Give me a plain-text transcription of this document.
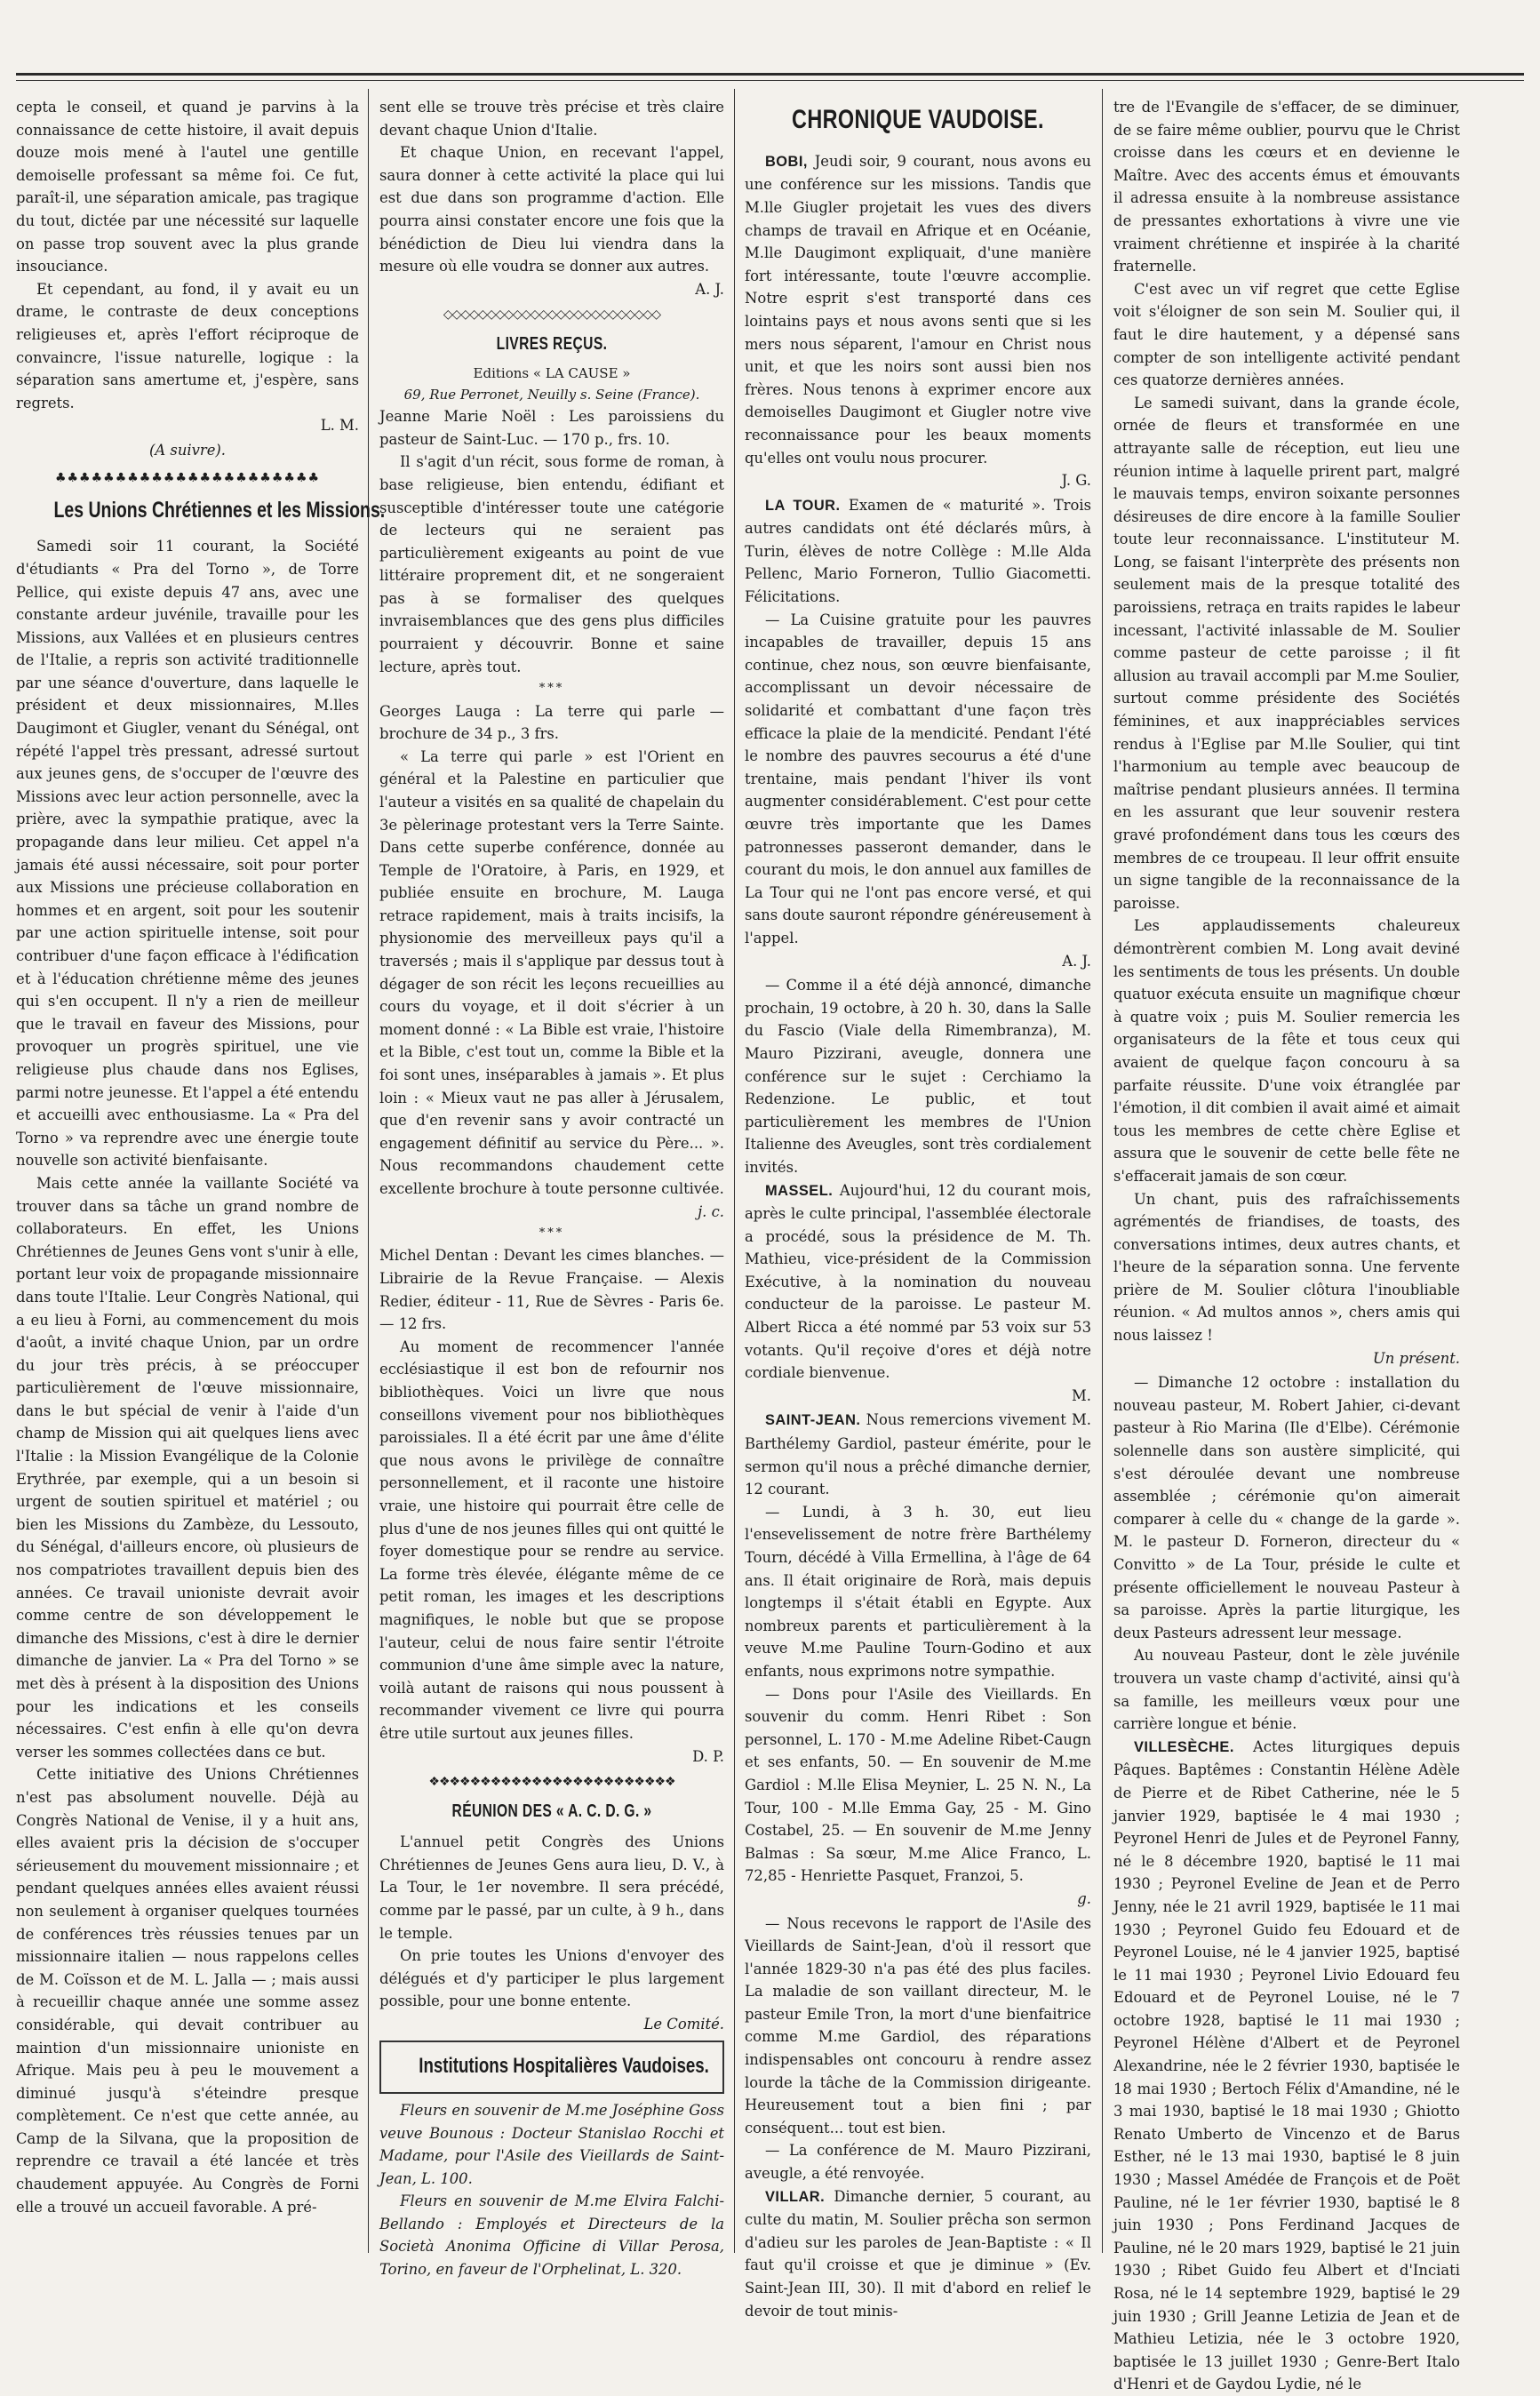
cepta le conseil, et quand je parvins à la connaissance de cette histoire, il avait depuis douze mois mené à l'autel une gentille demoiselle professant sa même foi. Ce fut, paraît-il, une séparation amicale, pas tragique du tout, dictée par une nécessité sur laquelle on passe trop souvent avec la plus grande insouciance.

Et cependant, au fond, il y avait eu un drame, le contraste de deux conceptions religieuses et, après l'effort réciproque de convaincre, l'issue naturelle, logique : la séparation sans amertume et, j'espère, sans regrets.

L. M.

(A suivre).

♣♣♣♣♣♣♣♣♣♣♣♣♣♣♣♣♣♣♣♣♣♣
Les Unions Chrétiennes et les Missions.

Samedi soir 11 courant, la Société d'étudiants « Pra del Torno », de Torre Pellice, qui existe depuis 47 ans, avec une constante ardeur juvénile, travaille pour les Missions, aux Vallées et en plusieurs centres de l'Italie, a repris son activité traditionnelle par une séance d'ouverture, dans laquelle le président et deux missionnaires, M.lles Daugimont et Giugler, venant du Sénégal, ont répété l'appel très pressant, adressé surtout aux jeunes gens, de s'occuper de l'œuvre des Missions avec leur action personnelle, avec la prière, avec la sympathie pratique, avec la propagande dans leur milieu. Cet appel n'a jamais été aussi nécessaire, soit pour porter aux Missions une précieuse collaboration en hommes et en argent, soit pour les soutenir par une action spirituelle intense, soit pour contribuer d'une façon efficace à l'édification et à l'éducation chrétienne même des jeunes qui s'en occupent. Il n'y a rien de meilleur que le travail en faveur des Missions, pour provoquer un progrès spirituel, une vie religieuse plus chaude dans nos Eglises, parmi notre jeunesse. Et l'appel a été entendu et accueilli avec enthousiasme. La « Pra del Torno » va reprendre avec une énergie toute nouvelle son activité bienfaisante.

Mais cette année la vaillante Société va trouver dans sa tâche un grand nombre de collaborateurs. En effet, les Unions Chrétiennes de Jeunes Gens vont s'unir à elle, portant leur voix de propagande missionnaire dans toute l'Italie. Leur Congrès National, qui a eu lieu à Forni, au commencement du mois d'août, a invité chaque Union, par un ordre du jour très précis, à se préoccuper particulièrement de l'œuve missionnaire, dans le but spécial de venir à l'aide d'un champ de Mission qui ait quelques liens avec l'Italie : la Mission Evangélique de la Colonie Erythrée, par exemple, qui a un besoin si urgent de soutien spirituel et matériel ; ou bien les Missions du Zambèze, du Lessouto, du Sénégal, d'ailleurs encore, où plusieurs de nos compatriotes travaillent depuis bien des années. Ce travail unioniste devrait avoir comme centre de son développement le dimanche des Missions, c'est à dire le dernier dimanche de janvier. La « Pra del Torno » se met dès à présent à la disposition des Unions pour les indications et les conseils nécessaires. C'est enfin à elle qu'on devra verser les sommes collectées dans ce but.

Cette initiative des Unions Chrétiennes n'est pas absolument nouvelle. Déjà au Congrès National de Venise, il y a huit ans, elles avaient pris la décision de s'occuper sérieusement du mouvement missionnaire ; et pendant quelques années elles avaient réussi non seulement à organiser quelques tournées de conférences très réussies tenues par un missionnaire italien — nous rappelons celles de M. Coïsson et de M. L. Jalla — ; mais aussi à recueillir chaque année une somme assez considérable, qui devait contribuer au maintion d'un missionnaire unioniste en Afrique. Mais peu à peu le mouvement a diminué jusqu'à s'éteindre presque complètement. Ce n'est que cette année, au Camp de la Silvana, que la proposition de reprendre ce travail a été lancée et très chaudement appuyée. Au Congrès de Forni elle a trouvé un accueil favorable. A pré-

sent elle se trouve très précise et très claire devant chaque Union d'Italie.

Et chaque Union, en recevant l'appel, saura donner à cette activité la place qui lui est due dans son programme d'action. Elle pourra ainsi constater encore une fois que la bénédiction de Dieu lui viendra dans la mesure où elle voudra se donner aux autres.

A. J.

◇◇◇◇◇◇◇◇◇◇◇◇◇◇◇◇◇◇◇◇◇◇◇◇◇
LIVRES REÇUS.

Editions « LA CAUSE »

69, Rue Perronet, Neuilly s. Seine (France).

Jeanne Marie Noël : Les paroissiens du pasteur de Saint-Luc. — 170 p., frs. 10.

Il s'agit d'un récit, sous forme de roman, à base religieuse, bien entendu, édifiant et susceptible d'intéresser toute une catégorie de lecteurs qui ne seraient pas particulièrement exigeants au point de vue littéraire proprement dit, et ne songeraient pas à se formaliser des quelques invraisemblances que des gens plus difficiles pourraient y découvrir. Bonne et saine lecture, après tout.

***

Georges Lauga : La terre qui parle — brochure de 34 p., 3 frs.

« La terre qui parle » est l'Orient en général et la Palestine en particulier que l'auteur a visités en sa qualité de chapelain du 3e pèlerinage protestant vers la Terre Sainte. Dans cette superbe conférence, donnée au Temple de l'Oratoire, à Paris, en 1929, et publiée ensuite en brochure, M. Lauga retrace rapidement, mais à traits incisifs, la physionomie des merveilleux pays qu'il a traversés ; mais il s'applique par dessus tout à dégager de son récit les leçons recueillies au cours du voyage, et il doit s'écrier à un moment donné : « La Bible est vraie, l'histoire et la Bible, c'est tout un, comme la Bible et la foi sont unes, inséparables à jamais ». Et plus loin : « Mieux vaut ne pas aller à Jérusalem, que d'en revenir sans y avoir contracté un engagement définitif au service du Père... ». Nous recommandons chaudement cette excellente brochure à toute personne cultivée.

j. c.

***

Michel Dentan : Devant les cimes blanches. — Librairie de la Revue Française. — Alexis Redier, éditeur - 11, Rue de Sèvres - Paris 6e. — 12 frs.

Au moment de recommencer l'année ecclésiastique il est bon de refournir nos bibliothèques. Voici un livre que nous conseillons vivement pour nos bibliothèques paroissiales. Il a été écrit par une âme d'élite que nous avons le privilège de connaître personnellement, et il raconte une histoire vraie, une histoire qui pourrait être celle de plus d'une de nos jeunes filles qui ont quitté le foyer domestique pour se rendre au service. La forme très élevée, élégante même de ce petit roman, les images et les descriptions magnifiques, le noble but que se propose l'auteur, celui de nous faire sentir l'étroite communion d'une âme simple avec la nature, voilà autant de raisons qui nous poussent à recommander vivement ce livre qui pourra être utile surtout aux jeunes filles.

D. P.

❖❖❖❖❖❖❖❖❖❖❖❖❖❖❖❖❖❖❖❖❖❖❖❖
RÉUNION DES « A. C. D. G. »

L'annuel petit Congrès des Unions Chrétiennes de Jeunes Gens aura lieu, D. V., à La Tour, le 1er novembre. Il sera précédé, comme par le passé, par un culte, à 9 h., dans le temple.

On prie toutes les Unions d'envoyer des délégués et d'y participer le plus largement possible, pour une bonne entente.

Le Comité.

Institutions Hospitalières Vaudoises.

Fleurs en souvenir de M.me Joséphine Goss veuve Bounous : Docteur Stanislao Rocchi et Madame, pour l'Asile des Vieillards de Saint-Jean, L. 100.

Fleurs en souvenir de M.me Elvira Falchi-Bellando : Employés et Directeurs de la Società Anonima Officine di Villar Perosa, Torino, en faveur de l'Orphelinat, L. 320.

CHRONIQUE VAUDOISE.

BOBI, Jeudi soir, 9 courant, nous avons eu une conférence sur les missions. Tandis que M.lle Giugler projetait les vues des divers champs de travail en Afrique et en Océanie, M.lle Daugimont expliquait, d'une manière fort intéressante, toute l'œuvre accomplie. Notre esprit s'est transporté dans ces lointains pays et nous avons senti que si les mers nous séparent, l'amour en Christ nous unit, et que les noirs sont aussi bien nos frères. Nous tenons à exprimer encore aux demoiselles Daugimont et Giugler notre vive reconnaissance pour les beaux moments qu'elles ont voulu nous procurer.

J. G.

LA TOUR. Examen de « maturité ». Trois autres candidats ont été déclarés mûrs, à Turin, élèves de notre Collège : M.lle Alda Pellenc, Mario Forneron, Tullio Giacometti. Félicitations.

— La Cuisine gratuite pour les pauvres incapables de travailler, depuis 15 ans continue, chez nous, son œuvre bienfaisante, accomplissant un devoir nécessaire de solidarité et combattant d'une façon très efficace la plaie de la mendicité. Pendant l'été le nombre des pauvres secourus a été d'une trentaine, mais pendant l'hiver ils vont augmenter considérablement. C'est pour cette œuvre très importante que les Dames patronnesses passeront demander, dans le courant du mois, le don annuel aux familles de La Tour qui ne l'ont pas encore versé, et qui sans doute sauront répondre généreusement à l'appel.

A. J.

— Comme il a été déjà annoncé, dimanche prochain, 19 octobre, à 20 h. 30, dans la Salle du Fascio (Viale della Rimembranza), M. Mauro Pizzirani, aveugle, donnera une conférence sur le sujet : Cerchiamo la Redenzione. Le public, et tout particulièrement les membres de l'Union Italienne des Aveugles, sont très cordialement invités.

MASSEL. Aujourd'hui, 12 du courant mois, après le culte principal, l'assemblée électorale a procédé, sous la présidence de M. Th. Mathieu, vice-président de la Commission Exécutive, à la nomination du nouveau conducteur de la paroisse. Le pasteur M. Albert Ricca a été nommé par 53 voix sur 53 votants. Qu'il reçoive d'ores et déjà notre cordiale bienvenue.

M.

SAINT-JEAN. Nous remercions vivement M. Barthélemy Gardiol, pasteur émérite, pour le sermon qu'il nous a prêché dimanche dernier, 12 courant.

— Lundi, à 3 h. 30, eut lieu l'ensevelissement de notre frère Barthélemy Tourn, décédé à Villa Ermellina, à l'âge de 64 ans. Il était originaire de Rorà, mais depuis longtemps il s'était établi en Egypte. Aux nombreux parents et particulièrement à la veuve M.me Pauline Tourn-Godino et aux enfants, nous exprimons notre sympathie.

— Dons pour l'Asile des Vieillards. En souvenir du comm. Henri Ribet : Son personnel, L. 170 - M.me Adeline Ribet-Caugn et ses enfants, 50. — En souvenir de M.me Gardiol : M.lle Elisa Meynier, L. 25 N. N., La Tour, 100 - M.lle Emma Gay, 25 - M. Gino Costabel, 25. — En souvenir de M.me Jenny Balmas : Sa sœur, M.me Alice Franco, L. 72,85 - Henriette Pasquet, Franzoi, 5.

g.

— Nous recevons le rapport de l'Asile des Vieillards de Saint-Jean, d'où il ressort que l'année 1829-30 n'a pas été des plus faciles. La maladie de son vaillant directeur, M. le pasteur Emile Tron, la mort d'une bienfaitrice comme M.me Gardiol, des réparations indispensables ont concouru à rendre assez lourde la tâche de la Commission dirigeante. Heureusement tout a bien fini ; par conséquent... tout est bien.

— La conférence de M. Mauro Pizzirani, aveugle, a été renvoyée.

VILLAR. Dimanche dernier, 5 courant, au culte du matin, M. Soulier prêcha son sermon d'adieu sur les paroles de Jean-Baptiste : « Il faut qu'il croisse et que je diminue » (Ev. Saint-Jean III, 30). Il mit d'abord en relief le devoir de tout minis-

tre de l'Evangile de s'effacer, de se diminuer, de se faire même oublier, pourvu que le Christ croisse dans les cœurs et en devienne le Maître. Avec des accents émus et émouvants il adressa ensuite à la nombreuse assistance de pressantes exhortations à vivre une vie vraiment chrétienne et inspirée à la charité fraternelle.

C'est avec un vif regret que cette Eglise voit s'éloigner de son sein M. Soulier qui, il faut le dire hautement, y a dépensé sans compter de son intelligente activité pendant ces quatorze dernières années.

Le samedi suivant, dans la grande école, ornée de fleurs et transformée en une attrayante salle de réception, eut lieu une réunion intime à laquelle prirent part, malgré le mauvais temps, environ soixante personnes désireuses de dire encore à la famille Soulier toute leur reconnaissance. L'instituteur M. Long, se faisant l'interprète des présents non seulement mais de la presque totalité des paroissiens, retraça en traits rapides le labeur incessant, l'activité inlassable de M. Soulier comme pasteur de cette paroisse ; il fit allusion au travail accompli par M.me Soulier, surtout comme présidente des Sociétés féminines, et aux inappréciables services rendus à l'Eglise par M.lle Soulier, qui tint l'harmonium au temple avec beaucoup de maîtrise pendant plusieurs années. Il termina en les assurant que leur souvenir restera gravé profondément dans tous les cœurs des membres de ce troupeau. Il leur offrit ensuite un signe tangible de la reconnaissance de la paroisse.

Les applaudissements chaleureux démontrèrent combien M. Long avait deviné les sentiments de tous les présents. Un double quatuor exécuta ensuite un magnifique chœur à quatre voix ; puis M. Soulier remercia les organisateurs de la fête et tous ceux qui avaient de quelque façon concouru à sa parfaite réussite. D'une voix étranglée par l'émotion, il dit combien il avait aimé et aimait tous les membres de cette chère Eglise et assura que le souvenir de cette belle fête ne s'effacerait jamais de son cœur.

Un chant, puis des rafraîchissements agrémentés de friandises, de toasts, des conversations intimes, deux autres chants, et l'heure de la séparation sonna. Une fervente prière de M. Soulier clôtura l'inoubliable réunion. « Ad multos annos », chers amis qui nous laissez !

Un présent.

— Dimanche 12 octobre : installation du nouveau pasteur, M. Robert Jahier, ci-devant pasteur à Rio Marina (Ile d'Elbe). Cérémonie solennelle dans son austère simplicité, qui s'est déroulée devant une nombreuse assemblée ; cérémonie qu'on aimerait comparer à celle du « change de la garde ». M. le pasteur D. Forneron, directeur du « Convitto » de La Tour, préside le culte et présente officiellement le nouveau Pasteur à sa paroisse. Après la partie liturgique, les deux Pasteurs adressent leur message.

Au nouveau Pasteur, dont le zèle juvénile trouvera un vaste champ d'activité, ainsi qu'à sa famille, les meilleurs vœux pour une carrière longue et bénie.

VILLESÈCHE. Actes liturgiques depuis Pâques. Baptêmes : Constantin Hélène Adèle de Pierre et de Ribet Catherine, née le 5 janvier 1929, baptisée le 4 mai 1930 ; Peyronel Henri de Jules et de Peyronel Fanny, né le 8 décembre 1920, baptisé le 11 mai 1930 ; Peyronel Eveline de Jean et de Perro Jenny, née le 21 avril 1929, baptisée le 11 mai 1930 ; Peyronel Guido feu Edouard et de Peyronel Louise, né le 4 janvier 1925, baptisé le 11 mai 1930 ; Peyronel Livio Edouard feu Edouard et de Peyronel Louise, né le 7 octobre 1928, baptisé le 11 mai 1930 ; Peyronel Hélène d'Albert et de Peyronel Alexandrine, née le 2 février 1930, baptisée le 18 mai 1930 ; Bertoch Félix d'Amandine, né le 3 mai 1930, baptisé le 18 mai 1930 ; Ghiotto Renato Umberto de Vincenzo et de Barus Esther, né le 13 mai 1930, baptisé le 8 juin 1930 ; Massel Amédée de François et de Poët Pauline, né le 1er février 1930, baptisé le 8 juin 1930 ; Pons Ferdinand Jacques de Pauline, né le 20 mars 1929, baptisé le 21 juin 1930 ; Ribet Guido feu Albert et d'Inciati Rosa, né le 14 septembre 1929, baptisé le 29 juin 1930 ; Grill Jeanne Letizia de Jean et de Mathieu Letizia, née le 3 octobre 1920, baptisée le 13 juillet 1930 ; Genre-Bert Italo d'Henri et de Gaydou Lydie, né le
